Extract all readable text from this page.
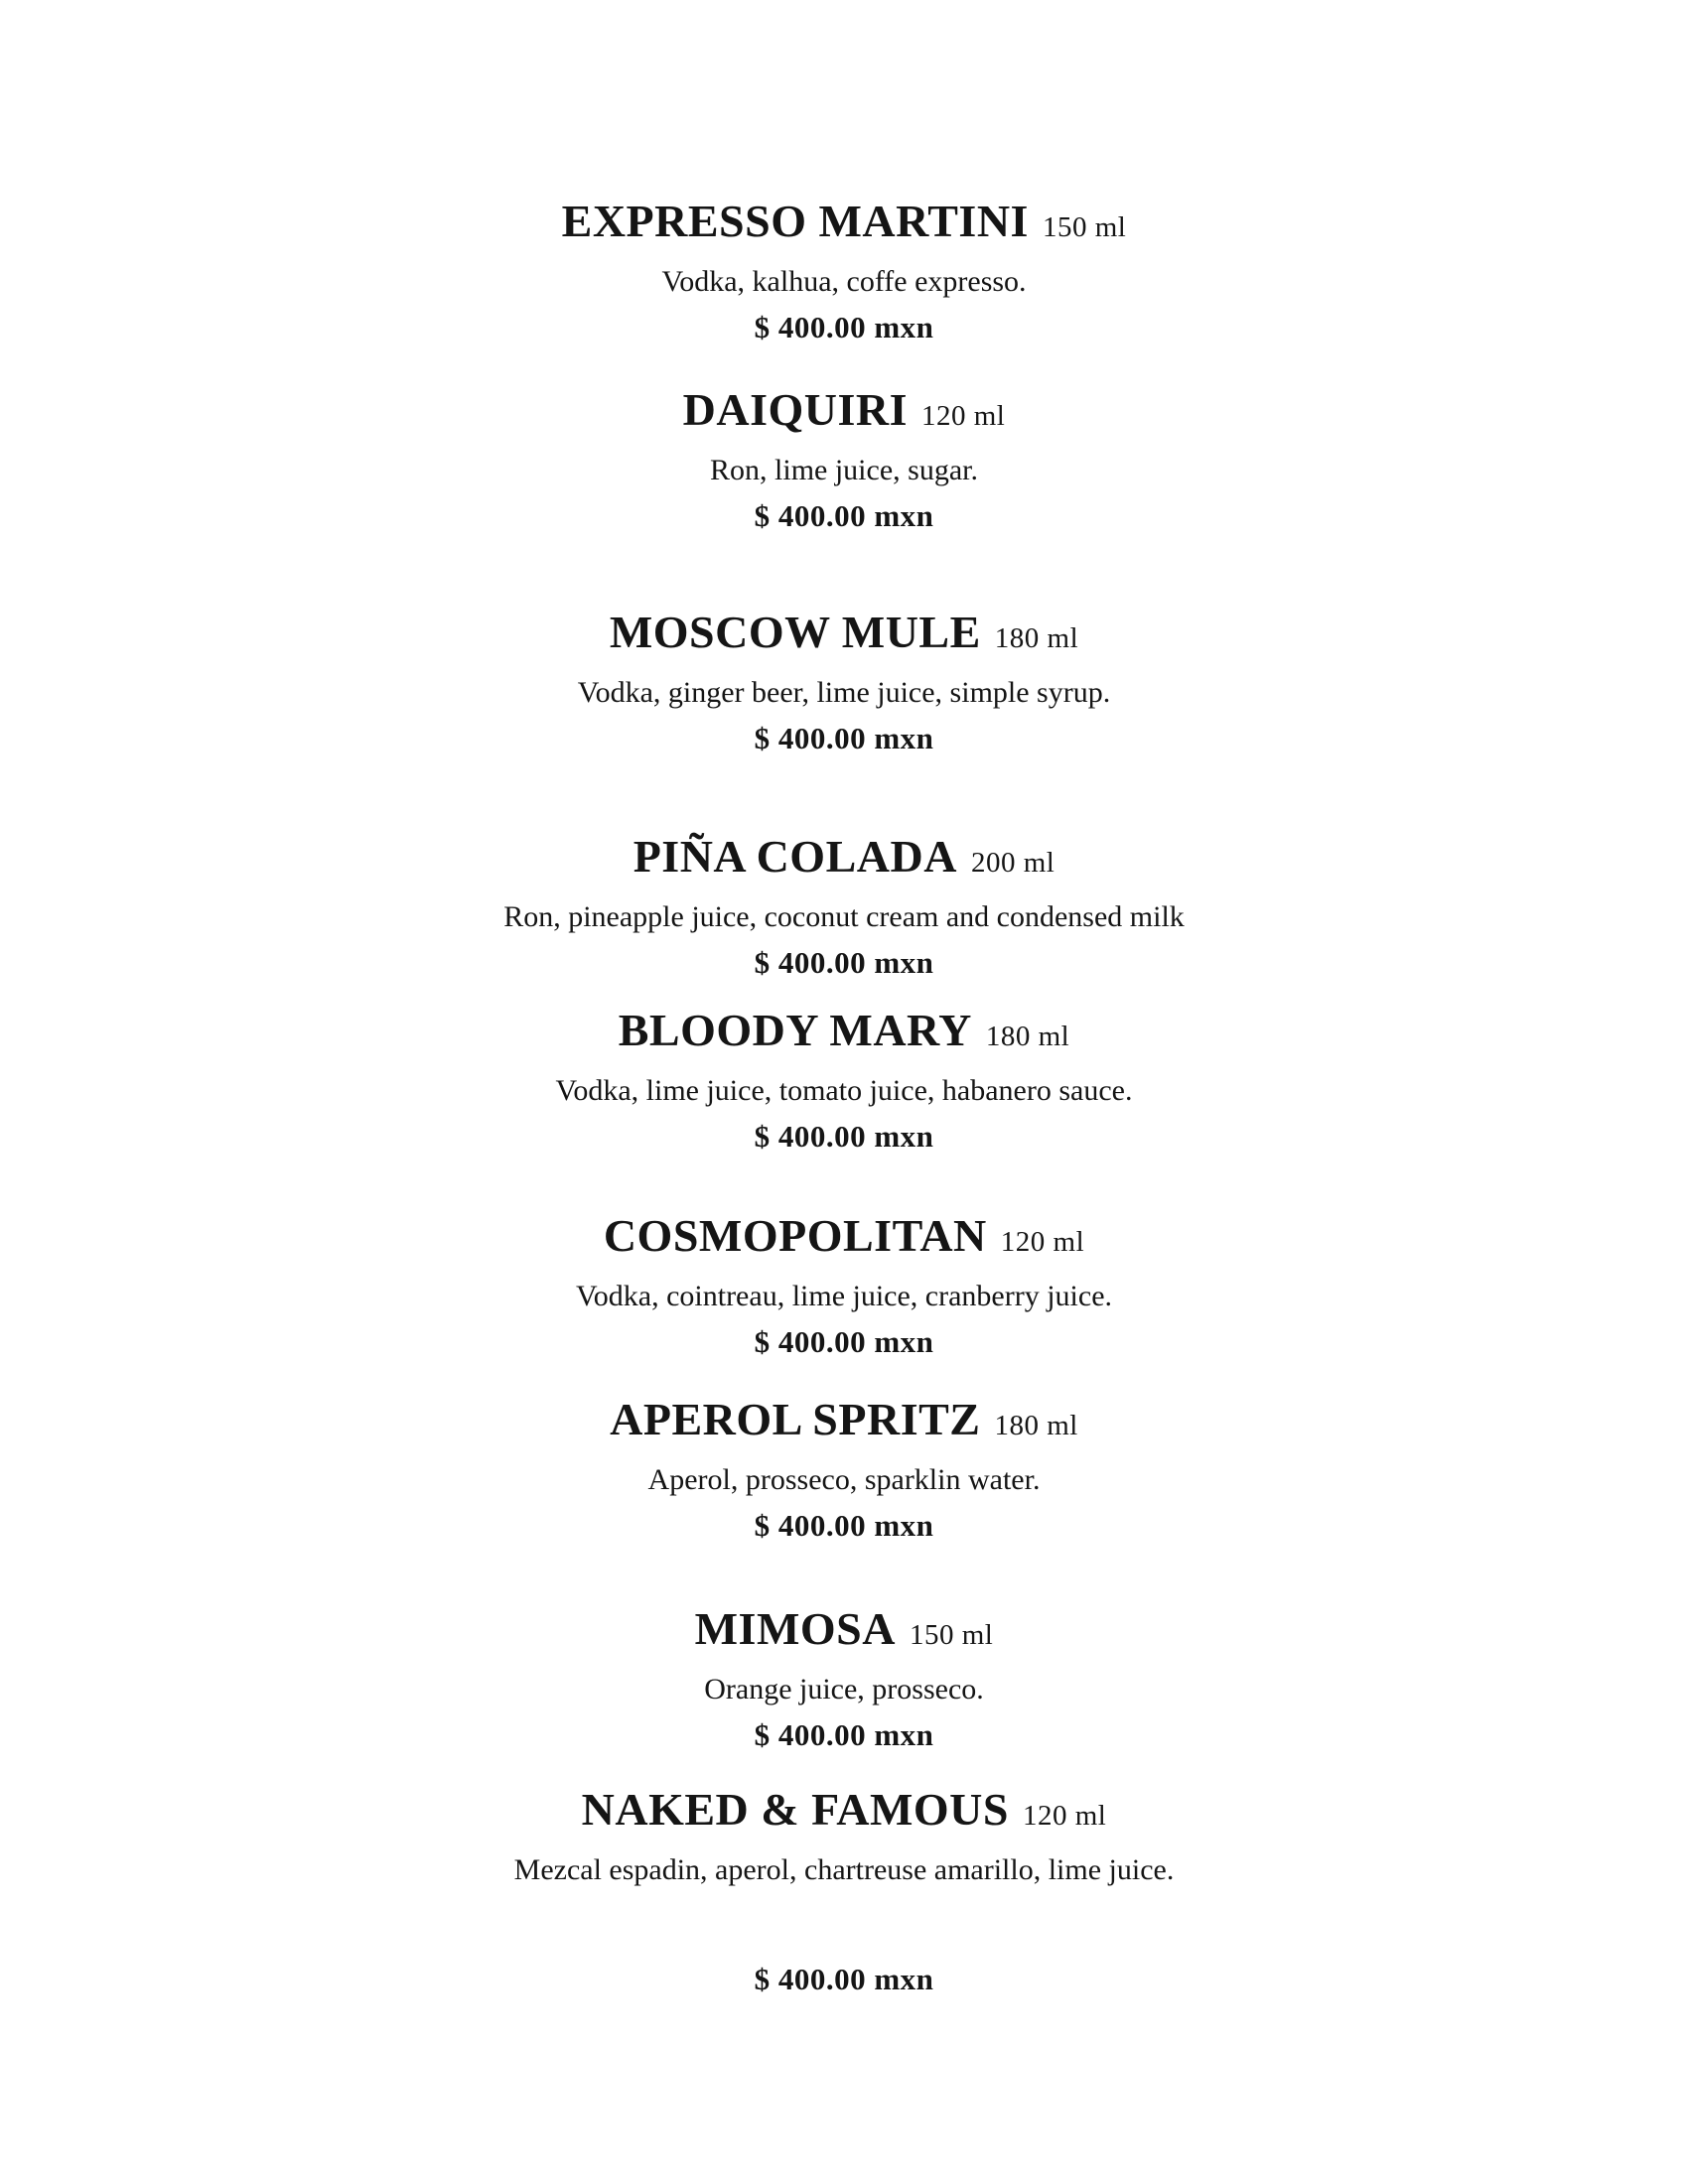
EXPRESSO MARTINI 150 ml
Vodka, kalhua, coffe expresso.
$ 400.00 mxn
DAIQUIRI 120 ml
Ron, lime juice, sugar.
$ 400.00 mxn
MOSCOW MULE 180 ml
Vodka, ginger beer, lime juice, simple syrup.
$ 400.00 mxn
PIÑA COLADA 200 ml
Ron, pineapple juice, coconut cream and condensed milk
$ 400.00 mxn
BLOODY MARY 180 ml
Vodka, lime juice, tomato juice, habanero sauce.
$ 400.00 mxn
COSMOPOLITAN 120 ml
Vodka, cointreau, lime juice, cranberry juice.
$ 400.00 mxn
APEROL SPRITZ 180 ml
Aperol, prosseco, sparklin water.
$ 400.00 mxn
MIMOSA 150 ml
Orange juice, prosseco.
$ 400.00 mxn
NAKED & FAMOUS 120 ml
Mezcal espadin, aperol, chartreuse amarillo, lime juice.
$ 400.00 mxn
